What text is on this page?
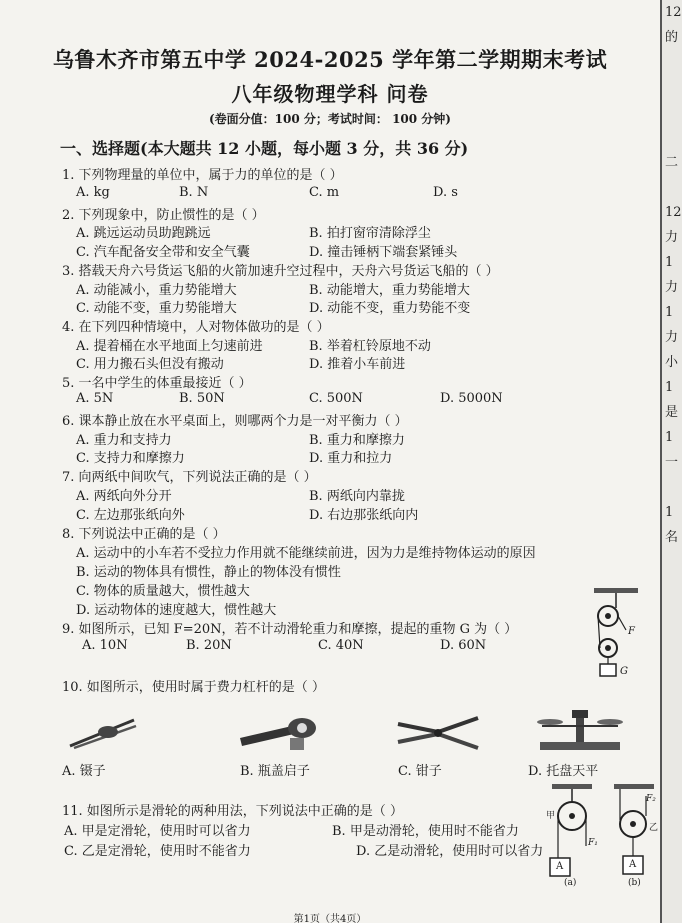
乌鲁木齐市第五中学 2024-2025 学年第二学期期末考试
八年级物理学科 问卷
(卷面分值：100 分；考试时间： 100 分钟)
一、选择题(本大题共 12 小题，每小题 3 分，共 36 分)
1. 下列物理量的单位中，属于力的单位的是（ ）
A. kg	B. N	C. m	D. s
2. 下列现象中，防止惯性的是（ ）
A. 跳远运动员助跑跳远	B. 拍打窗帘清除浮尘
C. 汽车配备安全带和安全气囊	D. 撞击锤柄下端套紧锤头
3. 搭载天舟六号货运飞船的火箭加速升空过程中，天舟六号货运飞船的（ ）
A. 动能减小，重力势能增大	B. 动能增大，重力势能增大
C. 动能不变，重力势能增大	D. 动能不变，重力势能不变
4. 在下列四种情境中，人对物体做功的是（ ）
A. 提着桶在水平地面上匀速前进	B. 举着杠铃原地不动
C. 用力搬石头但没有搬动	D. 推着小车前进
5. 一名中学生的体重最接近（ ）
A. 5N	B. 50N	C. 500N	D. 5000N
6. 课本静止放在水平桌面上，则哪两个力是一对平衡力（ ）
A. 重力和支持力	B. 重力和摩擦力
C. 支持力和摩擦力	D. 重力和拉力
7. 向两纸中间吹气，下列说法正确的是（ ）
A. 两纸向外分开	B. 两纸向内靠拢
C. 左边那张纸向外	D. 右边那张纸向内
8. 下列说法中正确的是（ ）
A. 运动中的小车若不受拉力作用就不能继续前进，因为力是维持物体运动的原因
B. 运动的物体具有惯性，静止的物体没有惯性
C. 物体的质量越大，惯性越大
D. 运动物体的速度越大，惯性越大
9. 如图所示，已知 F=20N，若不计动滑轮重力和摩擦，提起的重物 G 为（ ）
A. 10N	B. 20N	C. 40N	D. 60N
F
G
10. 如图所示，使用时属于费力杠杆的是（ ）
A. 镊子	B. 瓶盖启子	C. 钳子	D. 托盘天平
11. 如图所示是滑轮的两种用法，下列说法中正确的是（ ）
A. 甲是定滑轮，使用时可以省力	B. 甲是动滑轮，使用时不能省力
C. 乙是定滑轮，使用时不能省力	D. 乙是动滑轮，使用时可以省力
甲
F₁
A
(a)
F₂
乙
A
(b)
第1页（共4页）
12
的

二

12
力
1
力
1
力
小
1
是
1
一

1
名
